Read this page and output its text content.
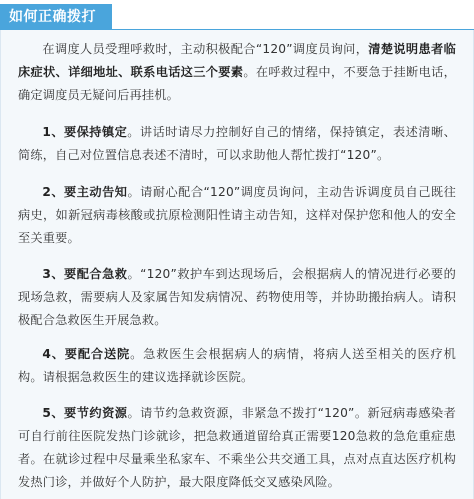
如何正确拨打

在调度人员受理呼救时，主动积极配合“120”调度员询问，清楚说明患者临床症状、详细地址、联系电话这三个要素。在呼救过程中，不要急于挂断电话，确定调度员无疑问后再挂机。

1、要保持镇定。讲话时请尽力控制好自己的情绪，保持镇定，表述清晰、简练，自己对位置信息表述不清时，可以求助他人帮忙拨打“120”。

2、要主动告知。请耐心配合“120”调度员询问，主动告诉调度员自己既往病史，如新冠病毒核酸或抗原检测阳性请主动告知，这样对保护您和他人的安全至关重要。

3、要配合急救。“120”救护车到达现场后，会根据病人的情况进行必要的现场急救，需要病人及家属告知发病情况、药物使用等，并协助搬抬病人。请积极配合急救医生开展急救。

4、要配合送院。急救医生会根据病人的病情，将病人送至相关的医疗机构。请根据急救医生的建议选择就诊医院。

5、要节约资源。请节约急救资源，非紧急不拨打“120”。新冠病毒感染者可自行前往医院发热门诊就诊，把急救通道留给真正需要120急救的急危重症患者。在就诊过程中尽量乘坐私家车、不乘坐公共交通工具，点对点直达医疗机构发热门诊，并做好个人防护，最大限度降低交叉感染风险。
